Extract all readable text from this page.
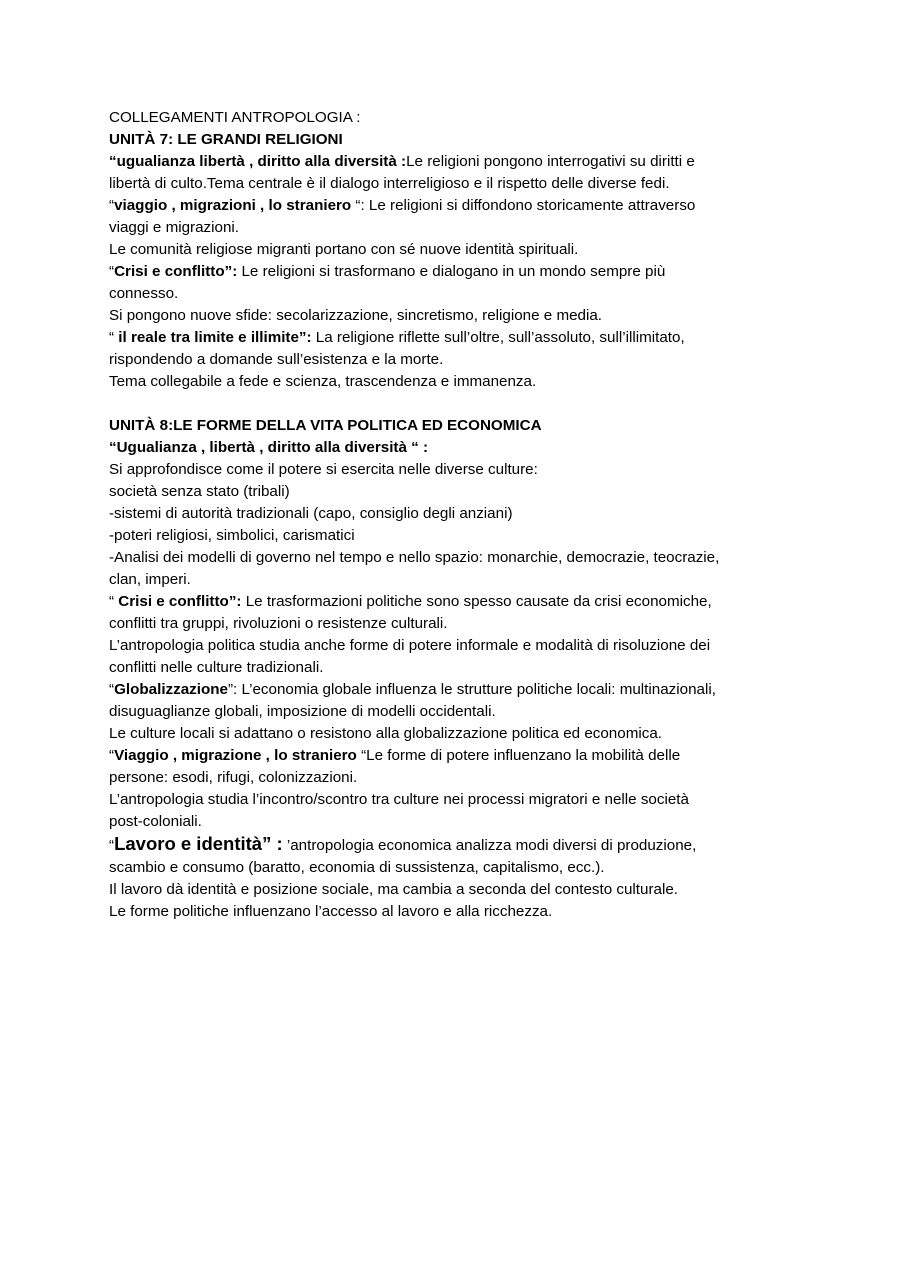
COLLEGAMENTI ANTROPOLOGIA :
UNITÀ 7: LE GRANDI RELIGIONI
“ugualianza libertà , diritto alla diversità :Le religioni pongono interrogativi su diritti e
libertà di culto.Tema centrale è il dialogo interreligioso e il rispetto delle diverse fedi.
“viaggio , migrazioni , lo straniero “: Le religioni si diffondono storicamente attraverso
viaggi e migrazioni.
Le comunità religiose migranti portano con sé nuove identità spirituali.
“Crisi e conflitto”: Le religioni si trasformano e dialogano in un mondo sempre più
connesso.
Si pongono nuove sfide: secolarizzazione, sincretismo, religione e media.
“ il reale tra limite e illimite”: La religione riflette sull’oltre, sull’assoluto, sull’illimitato,
rispondendo a domande sull’esistenza e la morte.
Tema collegabile a fede e scienza, trascendenza e immanenza.
UNITÀ 8:LE FORME DELLA VITA POLITICA ED ECONOMICA
“Ugualianza , libertà , diritto alla diversità “ :
Si approfondisce come il potere si esercita nelle diverse culture:
società senza stato (tribali)
-sistemi di autorità tradizionali (capo, consiglio degli anziani)
-poteri religiosi, simbolici, carismatici
-Analisi dei modelli di governo nel tempo e nello spazio: monarchie, democrazie, teocrazie,
clan, imperi.
“ Crisi e conflitto”: Le trasformazioni politiche sono spesso causate da crisi economiche,
conflitti tra gruppi, rivoluzioni o resistenze culturali.
L’antropologia politica studia anche forme di potere informale e modalità di risoluzione dei
conflitti nelle culture tradizionali.
“Globalizzazione”: L’economia globale influenza le strutture politiche locali: multinazionali,
disuguaglianze globali, imposizione di modelli occidentali.
Le culture locali si adattano o resistono alla globalizzazione politica ed economica.
“Viaggio , migrazione , lo straniero “Le forme di potere influenzano la mobilità delle
persone: esodi, rifugi, colonizzazioni.
L’antropologia studia l’incontro/scontro tra culture nei processi migratori e nelle società
post-coloniali.
“Lavoro e identità” : ’antropologia economica analizza modi diversi di produzione,
scambio e consumo (baratto, economia di sussistenza, capitalismo, ecc.).
Il lavoro dà identità e posizione sociale, ma cambia a seconda del contesto culturale.
Le forme politiche influenzano l’accesso al lavoro e alla ricchezza.
